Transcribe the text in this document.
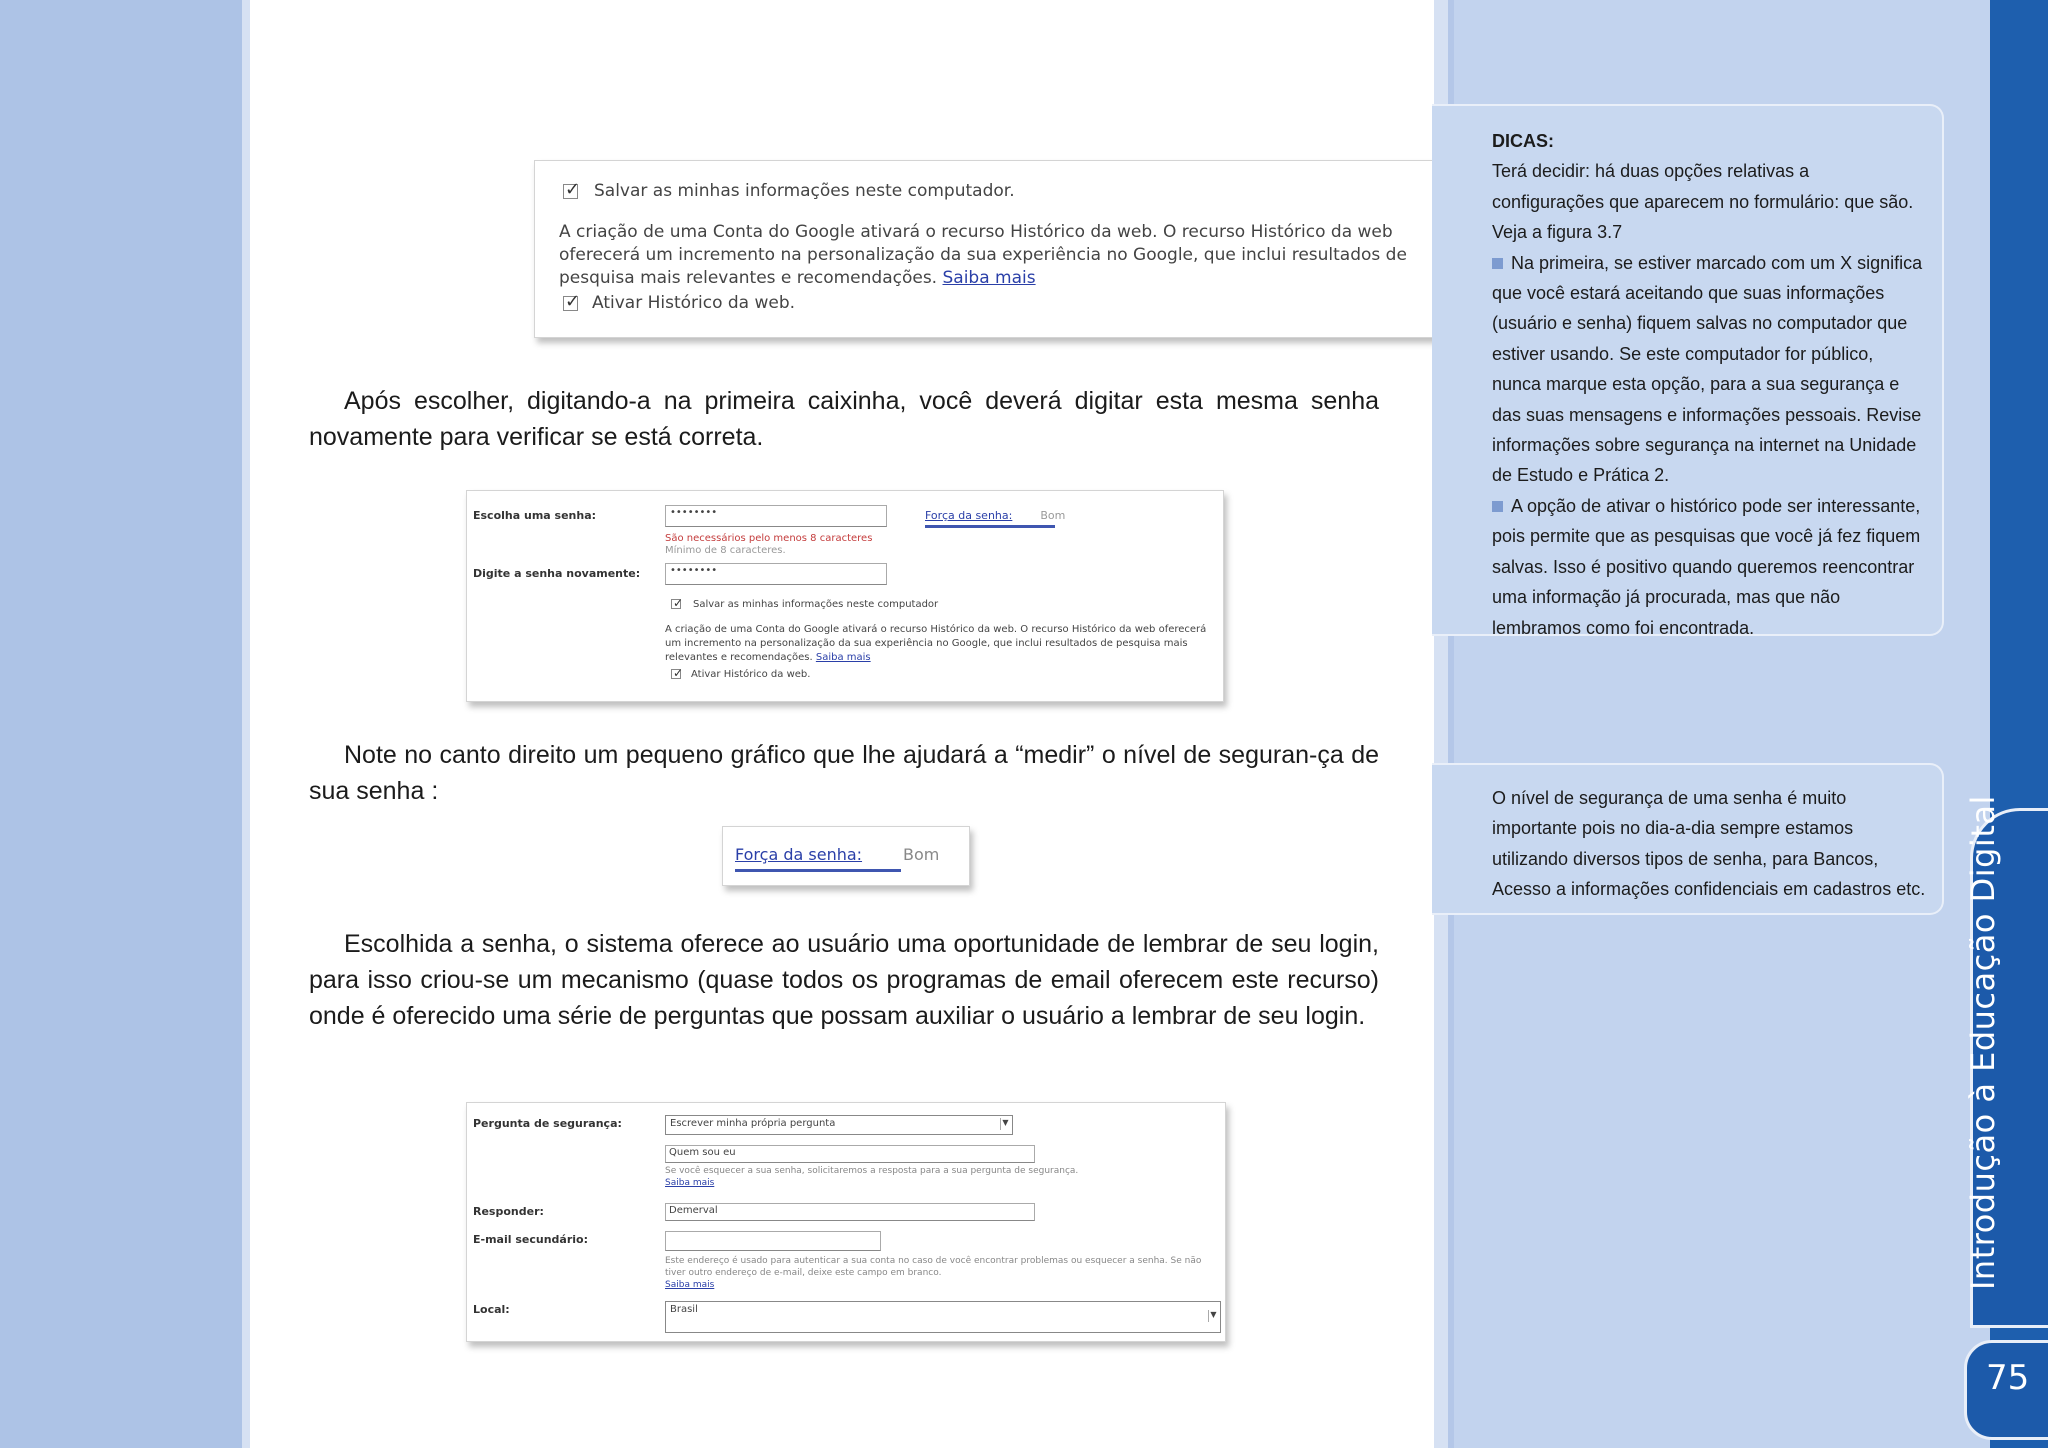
✓Salvar as minhas informações neste computador.
A criação de uma Conta do Google ativará o recurso Histórico da web. O recurso Histórico da web oferecerá um incremento na personalização da sua experiência no Google, que inclui resultados de pesquisa mais relevantes e recomendações. Saiba mais
✓Ativar Histórico da web.

Após escolher, digitando-a na primeira caixinha, você deverá digitar esta mesma senha novamente para verificar se está correta.

Escolha uma senha:	••••••••
São necessários pelo menos 8 caracteres
Mínimo de 8 caracteres.
Força da senha:	Bom
Digite a senha novamente:	••••••••
✓Salvar as minhas informações neste computador
A criação de uma Conta do Google ativará o recurso Histórico da web. O recurso Histórico da web oferecerá um incremento na personalização da sua experiência no Google, que inclui resultados de pesquisa mais relevantes e recomendações. Saiba mais
✓Ativar Histórico da web.

Note no canto direito um pequeno gráfico que lhe ajudará a “medir” o nível de seguran-ça de sua senha :

Força da senha:	Bom

Escolhida a senha, o sistema oferece ao usuário uma oportunidade de lembrar de seu login, para isso criou-se um mecanismo (quase todos os programas de email oferecem este recurso) onde é oferecido uma série de perguntas que possam auxiliar o usuário a lembrar de seu login.

Pergunta de segurança:	Escrever minha própria pergunta	▼
Quem sou eu
Se você esquecer a sua senha, solicitaremos a resposta para a sua pergunta de segurança.
Saiba mais
Responder:	Demerval
E-mail secundário:
Este endereço é usado para autenticar a sua conta no caso de você encontrar problemas ou esquecer a senha. Se não tiver outro endereço de e-mail, deixe este campo em branco.
Saiba mais
Local:	Brasil	▼
DICAS:
Terá decidir: há duas opções relativas a configurações que aparecem no formulário: que são. Veja a figura 3.7
Na primeira, se estiver marcado com um X significa que você estará aceitando que suas informações (usuário e senha) fiquem salvas no computador que estiver usando. Se este computador for público, nunca marque esta opção, para a sua segurança e das suas mensagens e informações pessoais. Revise informações sobre segurança na internet na Unidade de Estudo e Prática 2.
A opção de ativar o histórico pode ser interessante, pois permite que as pesquisas que você já fez fiquem salvas. Isso é positivo quando queremos reencontrar uma informação já procurada, mas que não lembramos como foi encontrada.
O nível de segurança de uma senha é muito importante pois no dia-a-dia sempre estamos utilizando diversos tipos de senha, para Bancos, Acesso a informações confidenciais em cadastros etc.	Introdução à Educação Digital
75
